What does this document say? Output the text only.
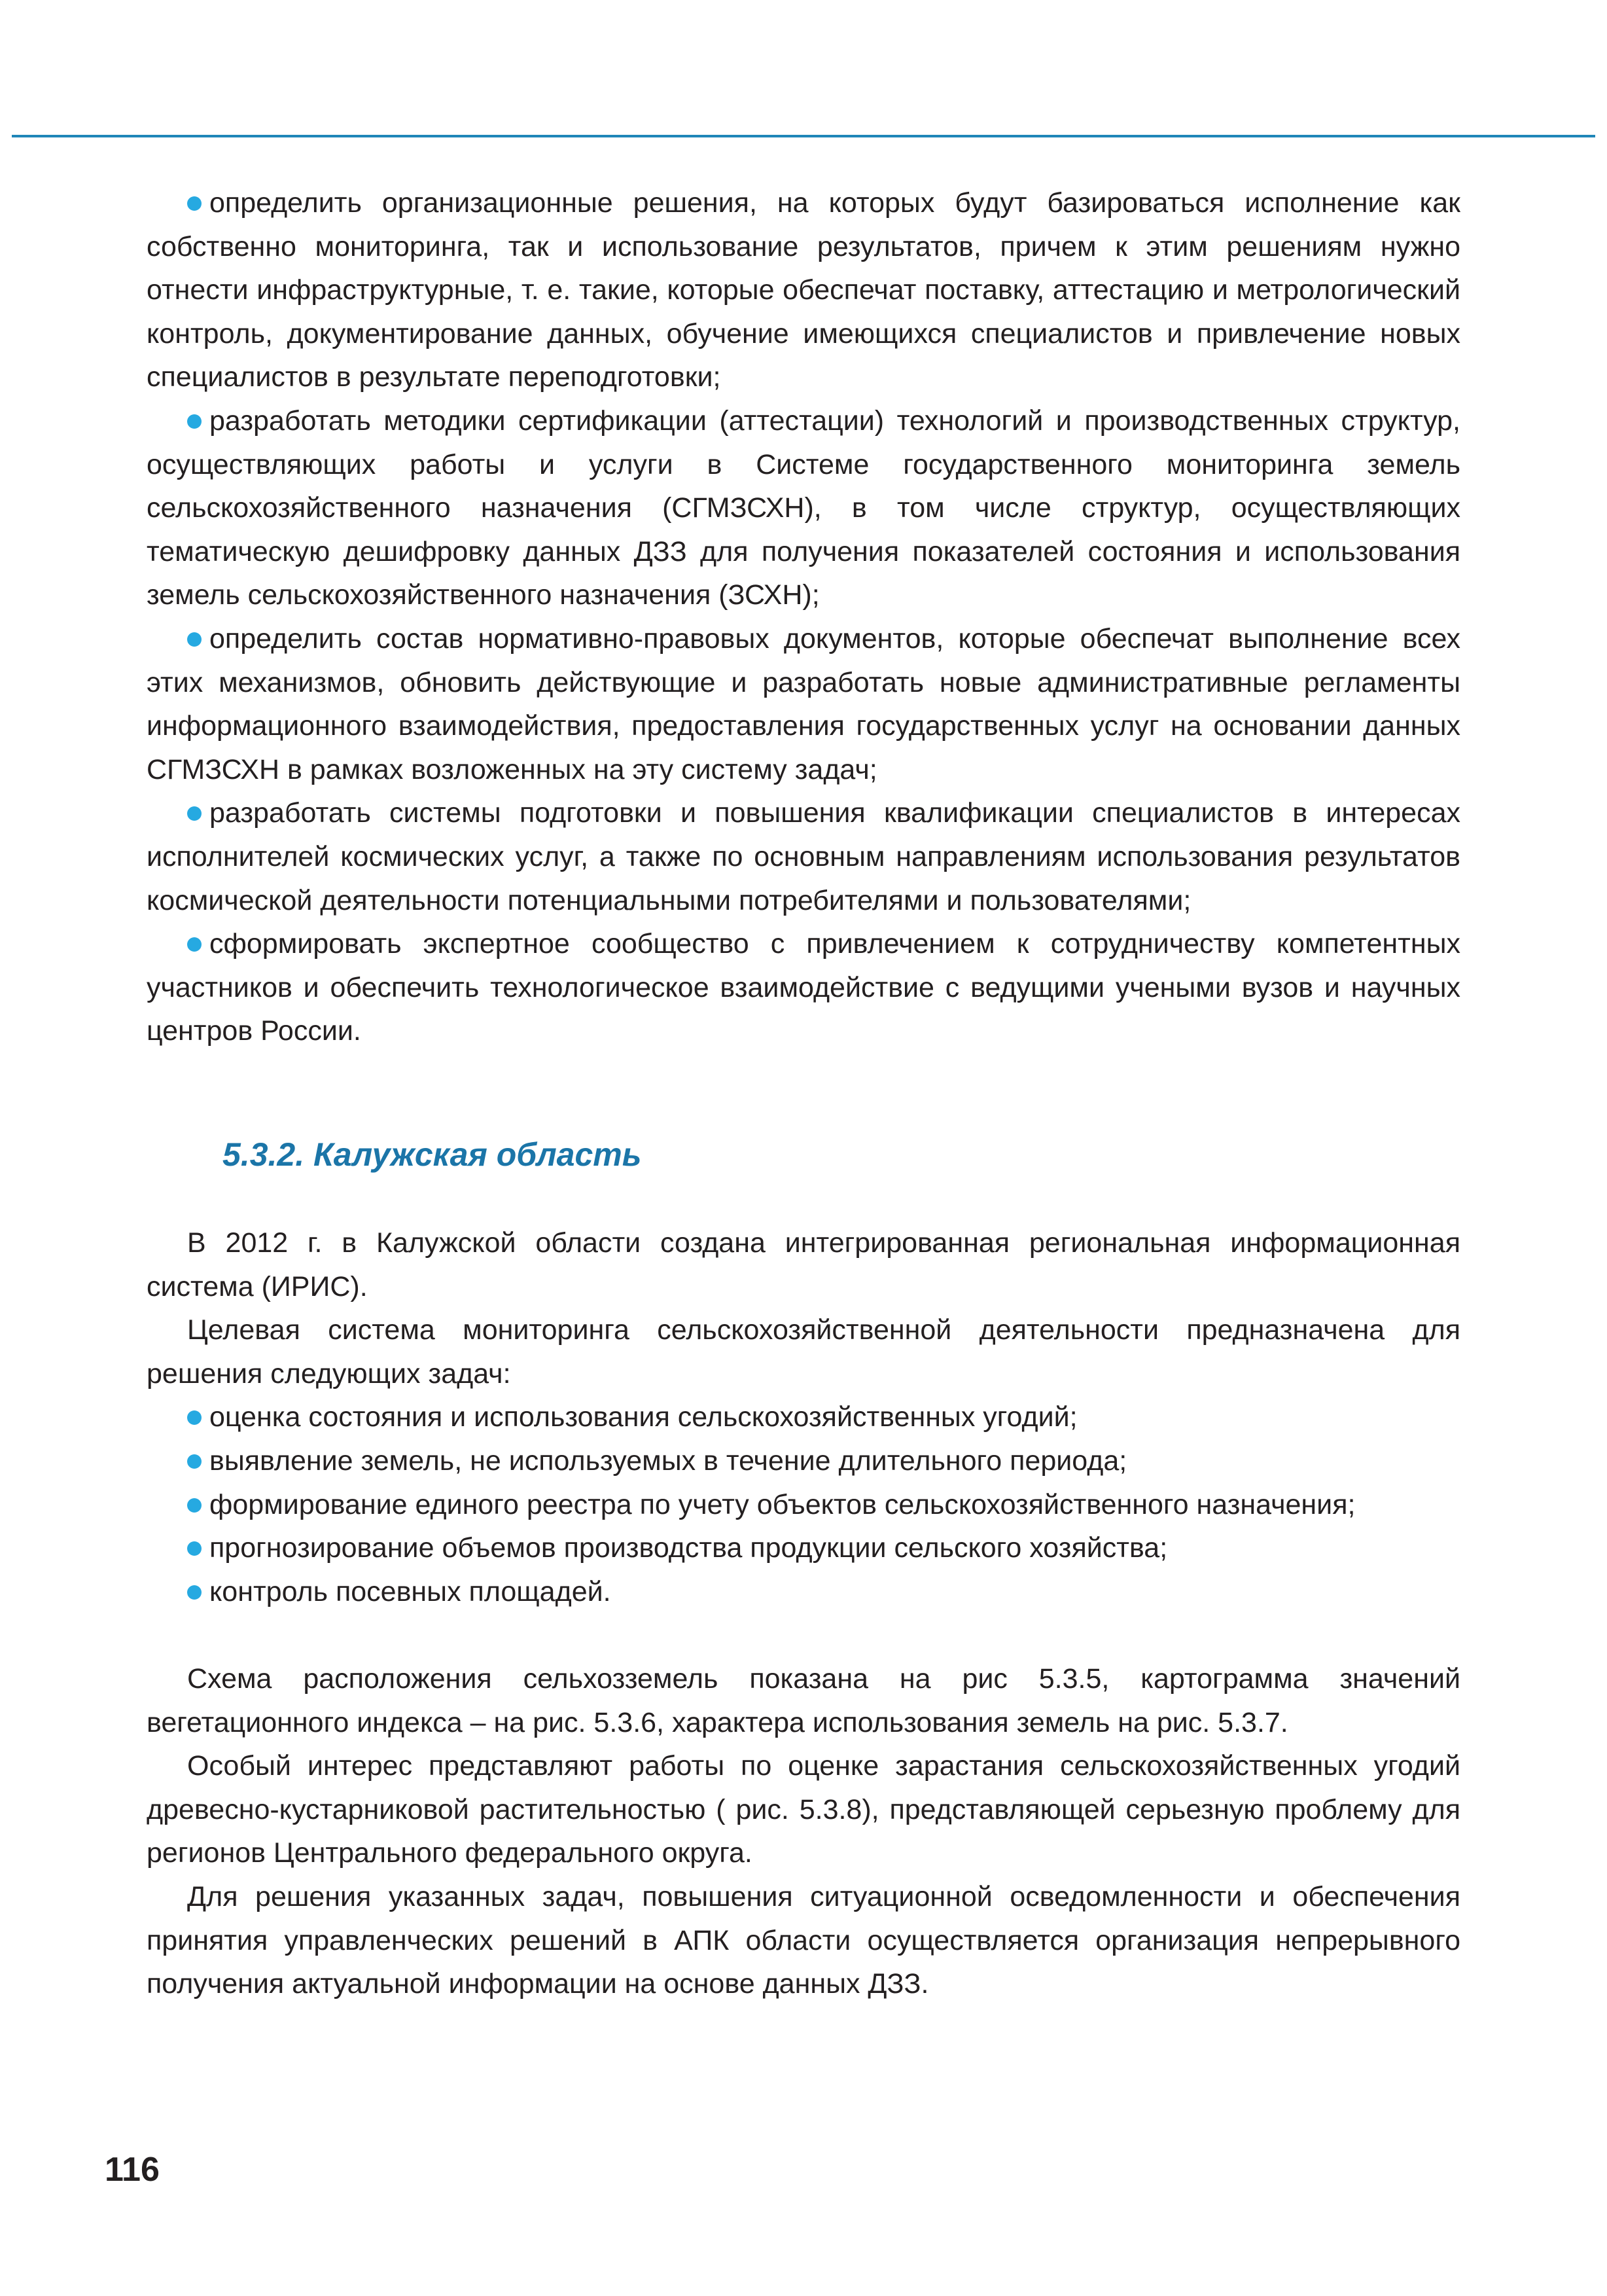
определить организационные решения, на которых будут базироваться исполнение как собственно мониторинга, так и использование результатов, причем к этим решениям нужно отнести инфраструктурные, т. е. такие, которые обеспечат поставку, аттестацию и метрологический контроль, документирование данных, обучение имеющихся специалистов и привлечение новых специалистов в результате переподготовки;

разработать методики сертификации (аттестации) технологий и производственных структур, осуществляющих работы и услуги в Системе государственного мониторинга земель сельскохозяйственного назначения (СГМЗСХН), в том числе структур, осуществляющих тематическую дешифровку данных ДЗЗ для получения показателей состояния и использования земель сельскохозяйственного назначения (ЗСХН);

определить состав нормативно-правовых документов, которые обеспечат выполнение всех этих механизмов, обновить действующие и разработать новые административные регламенты информационного взаимодействия, предоставления государственных услуг на основании данных СГМЗСХН в рамках возложенных на эту систему задач;

разработать системы подготовки и повышения квалификации специалистов в интересах исполнителей космических услуг, а также по основным направлениям использования результатов космической деятельности потенциальными потребителями и пользователями;

сформировать экспертное сообщество с привлечением к сотрудничеству компетентных участников и обеспечить технологическое взаимодействие с ведущими учеными вузов и научных центров России.

5.3.2. Калужская область

В 2012 г. в Калужской области создана интегрированная региональная информационная система (ИРИС).

Целевая система мониторинга сельскохозяйственной деятельности предназначена для решения следующих задач:

оценка состояния и использования сельскохозяйственных угодий;

выявление земель, не используемых в течение длительного периода;

формирование единого реестра по учету объектов сельскохозяйственного назначения;

прогнозирование объемов производства продукции сельского хозяйства;

контроль посевных площадей.

Схема расположения сельхозземель показана на рис 5.3.5, картограмма значений вегетационного индекса – на рис. 5.3.6, характера использования земель на рис. 5.3.7.

Особый интерес представляют работы по оценке зарастания сельскохозяйственных угодий древесно-кустарниковой растительностью ( рис. 5.3.8), представляющей серьезную проблему для регионов Центрального федерального округа.

Для решения указанных задач, повышения ситуационной осведомленности и обеспечения принятия управленческих решений в АПК области осуществляется организация непрерывного получения актуальной информации на основе данных ДЗЗ.

116
